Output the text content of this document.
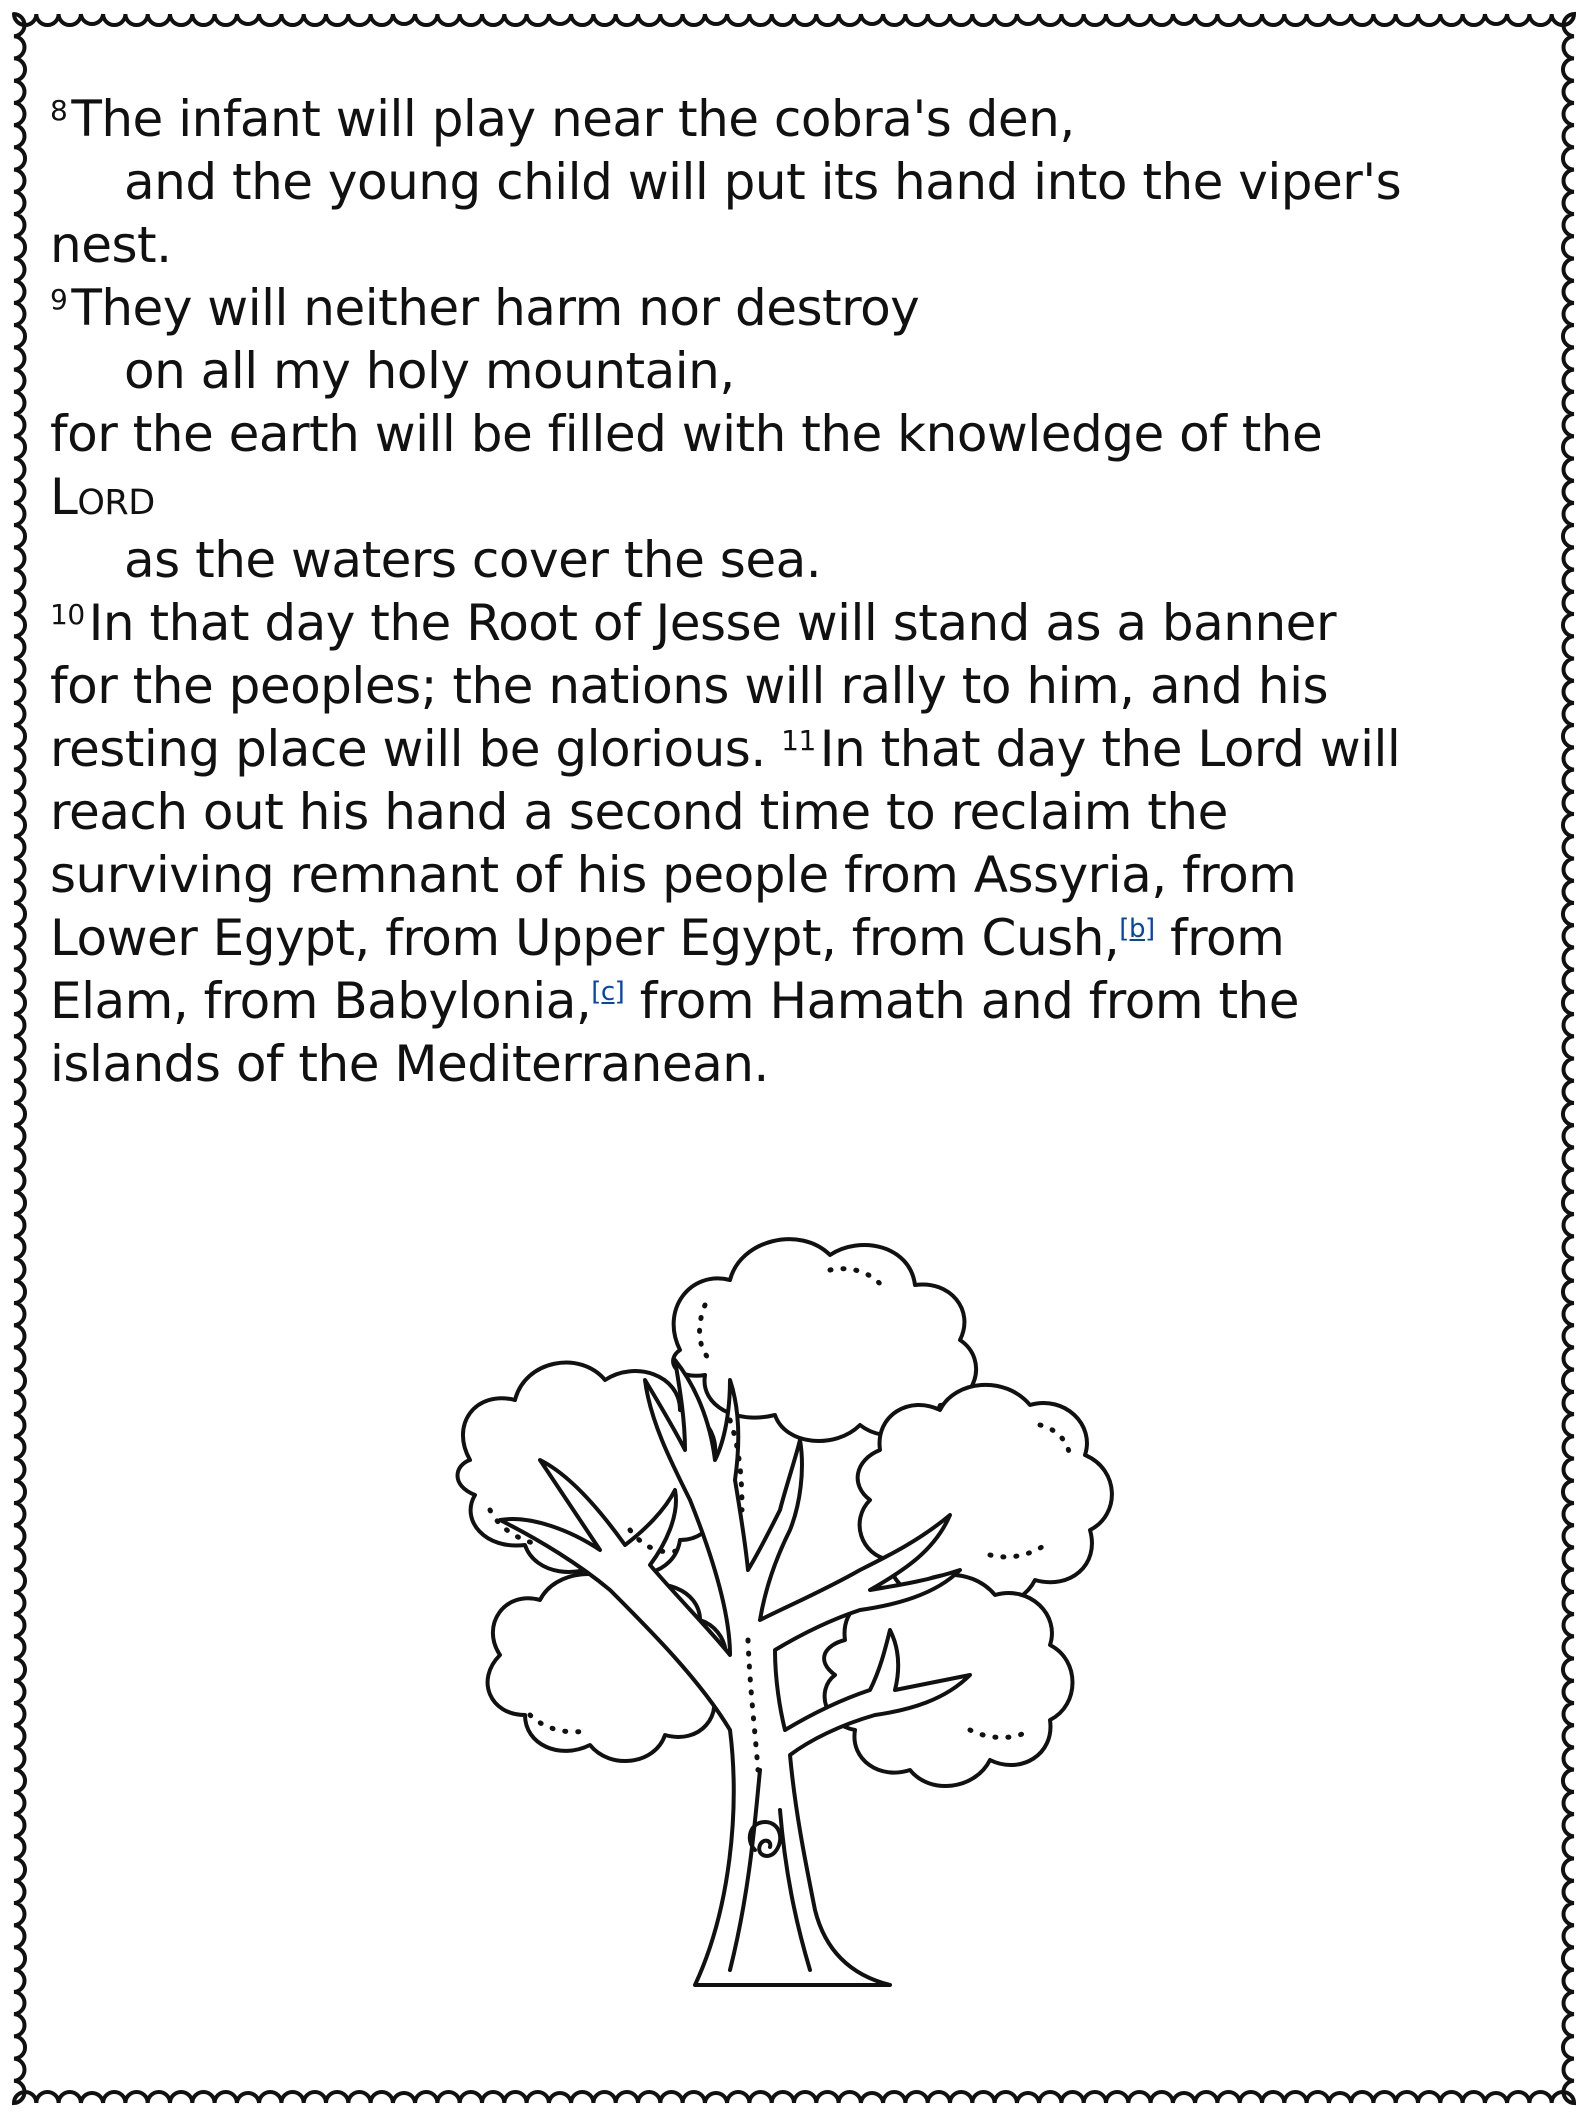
$^8$The infant will play near the cobra's den,
and the young child will put its hand into the viper's
nest.
$^9$They will neither harm nor destroy
on all my holy mountain,
for the earth will be filled with the knowledge of the
Lord
as the waters cover the sea.
$^{10}$In that day the Root of Jesse will stand as a banner
for the peoples; the nations will rally to him, and his
resting place will be glorious. $^{11}$In that day the Lord will
reach out his hand a second time to reclaim the
surviving remnant of his people from Assyria, from
Lower Egypt, from Upper Egypt, from Cush,[b] from
Elam, from Babylonia,[c] from Hamath and from the
islands of the Mediterranean.
